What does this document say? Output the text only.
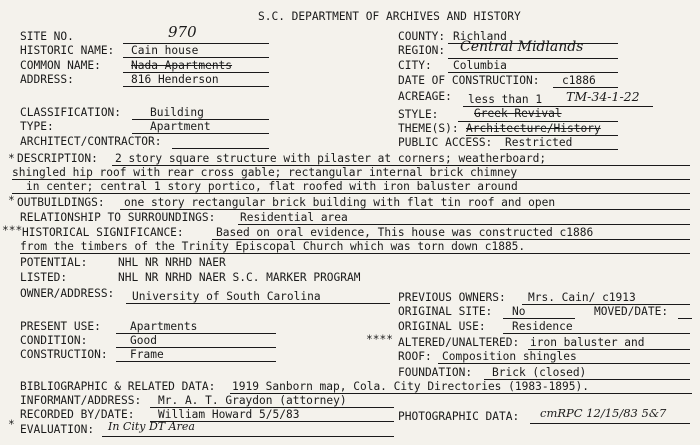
S.C. DEPARTMENT OF ARCHIVES AND HISTORY
SITE NO.	970
HISTORIC NAME: Cain house
COMMON NAME:	Nada Apartments
ADDRESS:	816 Henderson
CLASSIFICATION:	Building
TYPE:	Apartment
ARCHITECT/CONTRACTOR:
COUNTY: Richland
REGION: Central Midlands
CITY: Columbia
DATE OF CONSTRUCTION: c1886
ACREAGE: less than 1 TM-34-1-22
STYLE:	Greek Revival
THEME(S): Architecture/History
PUBLIC ACCESS: Restricted
* DESCRIPTION: 2 story square structure with pilaster at corners; weatherboard;
shingled hip roof with rear cross gable; rectangular internal brick chimney
in center; central 1 story portico, flat roofed with iron baluster around
* OUTBUILDINGS: one story rectangular brick building with flat tin roof and open
RELATIONSHIP TO SURROUNDINGS: Residential area
*** HISTORICAL SIGNIFICANCE:	Based on oral evidence, This house was constructed c1886
from the timbers of the Trinity Episcopal Church which was torn down c1885.
POTENTIAL:	NHL NR NRHD NAER
LISTED:	NHL NR NRHD NAER S.C. MARKER PROGRAM
OWNER/ADDRESS: University of South Carolina	PREVIOUS OWNERS: Mrs. Cain/ c1913
ORIGINAL SITE: No	MOVED/DATE:
ORIGINAL USE: Residence
PRESENT USE:	Apartments
CONDITION:	Good
CONSTRUCTION: Frame
**** ALTERED/UNALTERED: iron baluster and
ROOF: Composition shingles
FOUNDATION: Brick (closed)
BIBLIOGRAPHIC & RELATED DATA: 1919 Sanborn map, Cola. City Directories (1983-1895).
INFORMANT/ADDRESS: Mr. A. T. Graydon (attorney)
RECORDED BY/DATE: William Howard 5/5/83	PHOTOGRAPHIC DATA: cmRPC 12/15/83 5&7
* EVALUATION: In City DT Area
